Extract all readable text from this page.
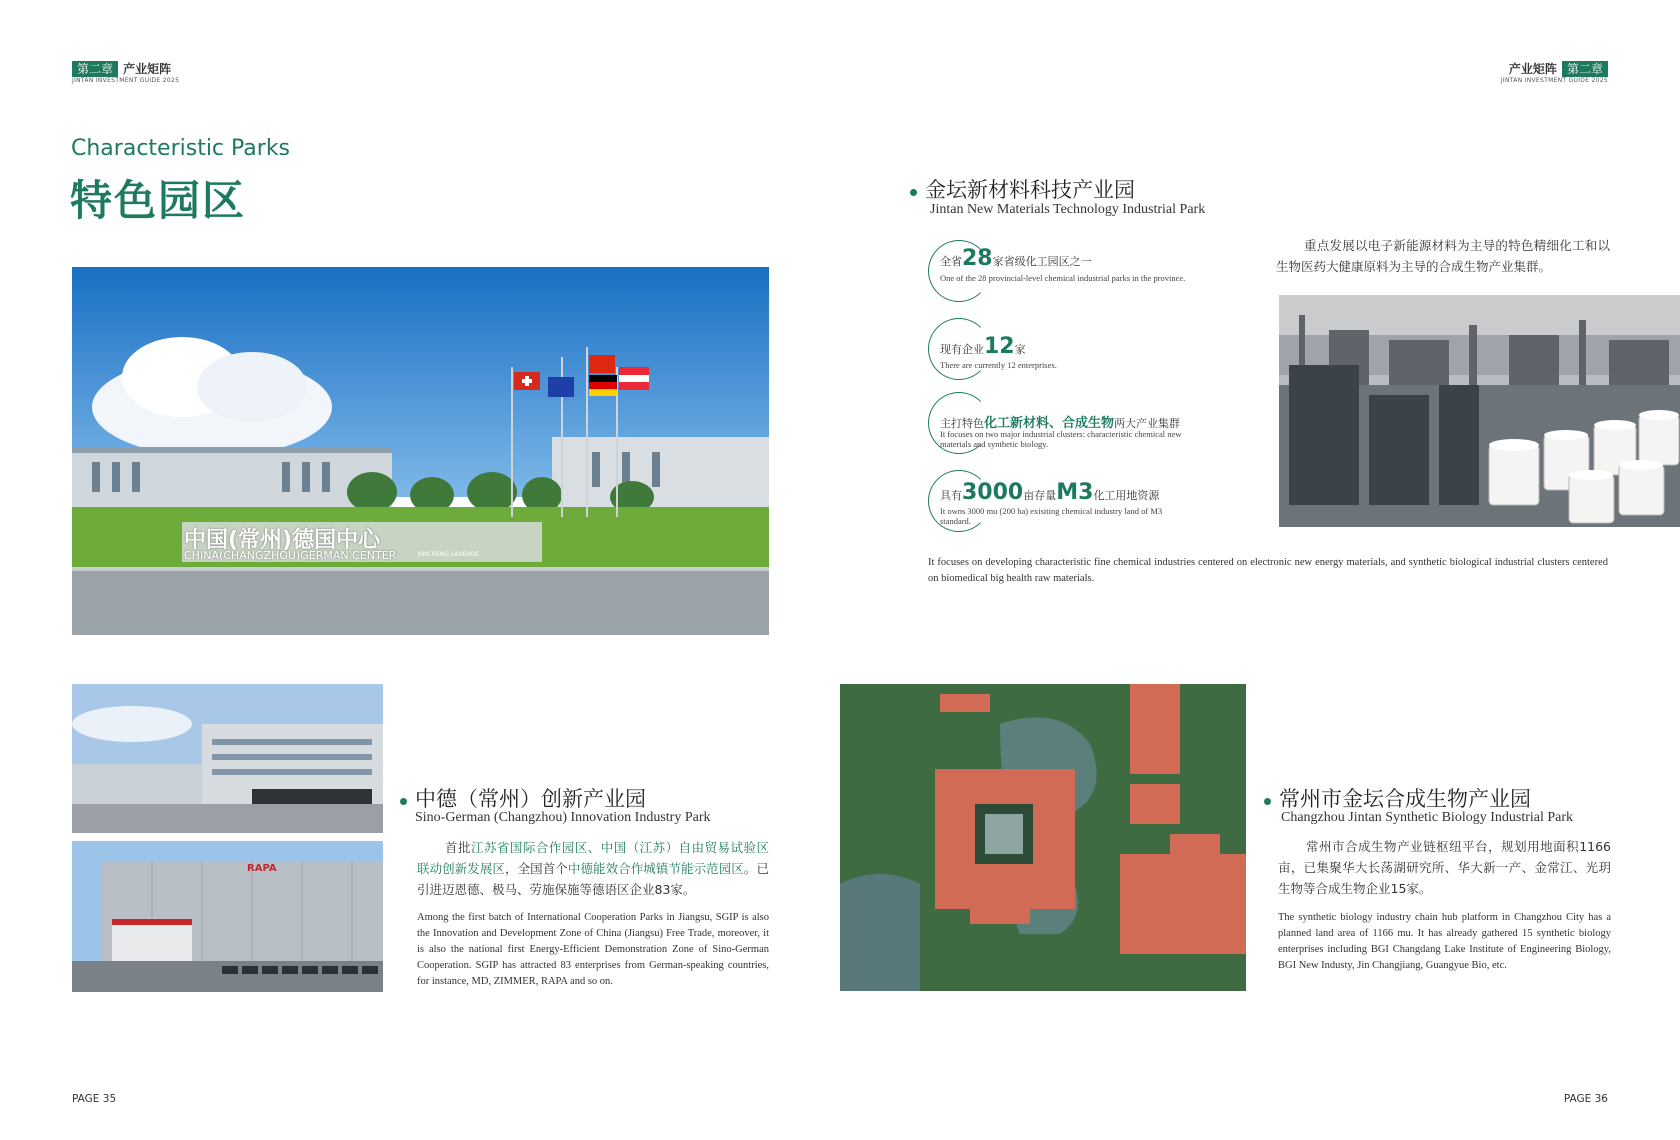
第二章 产业矩阵
JINTAN INVESTMENT GUIDE 2025
产业矩阵 第二章
JINTAN INVESTMENT GUIDE 2025
Characteristic Parks
特色园区
中国(常州)德国中心
CHINA(CHANGZHOU)GERMAN CENTER	XINCHENG LAXEHOE
金坛新材料科技产业园
Jintan New Materials Technology Industrial Park
重点发展以电子新能源材料为主导的特色精细化工和以生物医药大健康原料为主导的合成生物产业集群。
全省28家省级化工园区之一
One of the 28 provincial-level chemical industrial parks in the province.
现有企业12家
There are currently 12 enterprises.
主打特色化工新材料、合成生物两大产业集群
It focuses on two major industrial clusters: characteristic chemical new materials and synthetic biology.
具有3000亩存量M3化工用地资源
It owns 3000 mu (200 ha) exisiting chemical industry land of M3 standard.
It focuses on developing characteristic fine chemical industries centered on electronic new energy materials, and synthetic biological industrial clusters centered on biomedical big health raw materials.
RAPA
中德（常州）创新产业园
Sino-German (Changzhou) Innovation Industry Park
首批江苏省国际合作园区、中国（江苏）自由贸易试验区联动创新发展区，全国首个中德能效合作城镇节能示范园区。已引进迈恩德、极马、劳施保施等德语区企业83家。
Among the first batch of International Cooperation Parks in Jiangsu, SGIP is also the Innovation and Development Zone of China (Jiangsu) Free Trade, moreover, it is also the national first Energy-Efficient Demonstration Zone of Sino-German Cooperation. SGIP has attracted 83 enterprises from German-speaking countries, for instance, MD, ZIMMER, RAPA and so on.
常州市金坛合成生物产业园
Changzhou Jintan Synthetic Biology Industrial Park
常州市合成生物产业链枢纽平台，规划用地面积1166亩，已集聚华大长荡湖研究所、华大新一产、金常江、光玥生物等合成生物企业15家。
The synthetic biology industry chain hub platform in Changzhou City has a planned land area of 1166 mu. It has already gathered 15 synthetic biology enterprises including BGI Changdang Lake Institute of Engineering Biology, BGI New Industy, Jin Changjiang, Guangyue Bio, etc.
PAGE 35	PAGE 36
